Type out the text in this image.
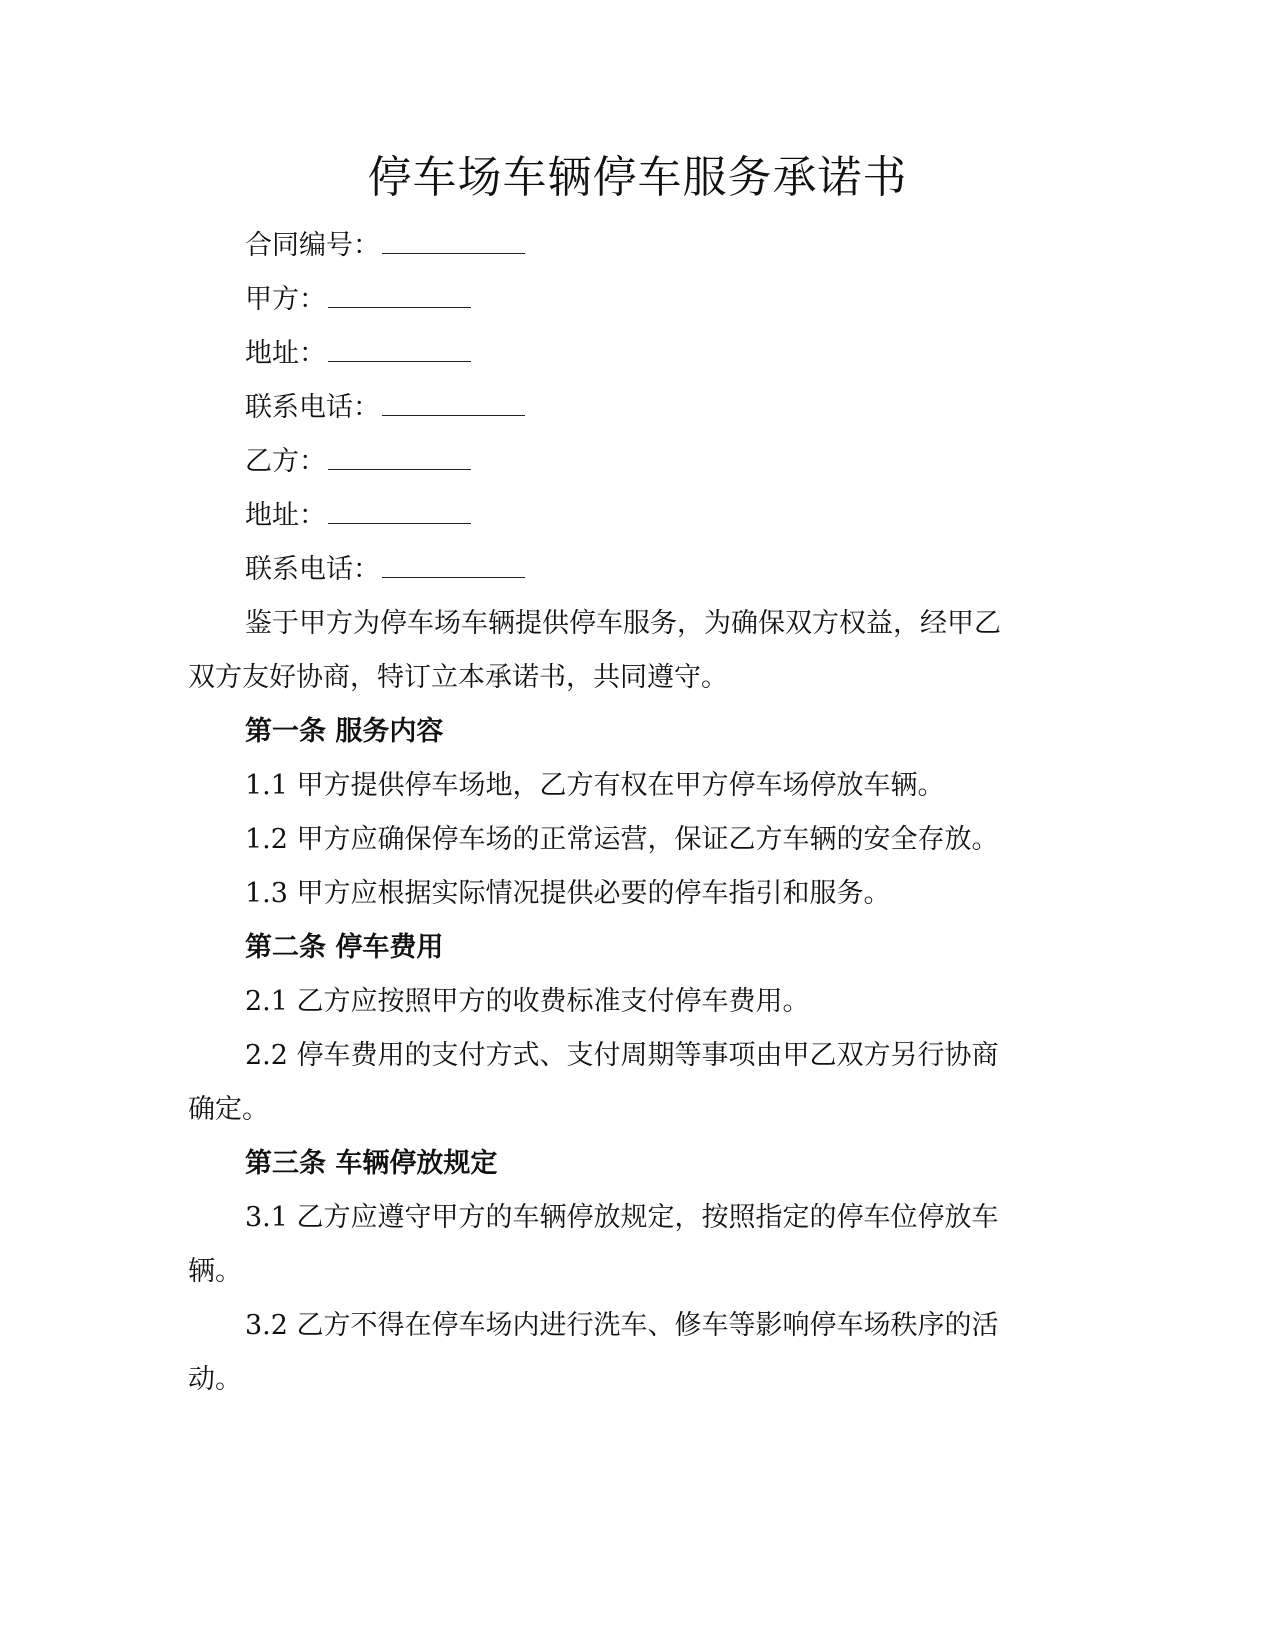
停车场车辆停车服务承诺书
合同编号：
甲方：
地址：
联系电话：
乙方：
地址：
联系电话：

鉴于甲方为停车场车辆提供停车服务，为确保双方权益，经甲乙

双方友好协商，特订立本承诺书，共同遵守。

第一条 服务内容

1.1 甲方提供停车场地，乙方有权在甲方停车场停放车辆。

1.2 甲方应确保停车场的正常运营，保证乙方车辆的安全存放。

1.3 甲方应根据实际情况提供必要的停车指引和服务。

第二条 停车费用

2.1 乙方应按照甲方的收费标准支付停车费用。

2.2 停车费用的支付方式、支付周期等事项由甲乙双方另行协商

确定。

第三条 车辆停放规定

3.1 乙方应遵守甲方的车辆停放规定，按照指定的停车位停放车

辆。

3.2 乙方不得在停车场内进行洗车、修车等影响停车场秩序的活

动。
